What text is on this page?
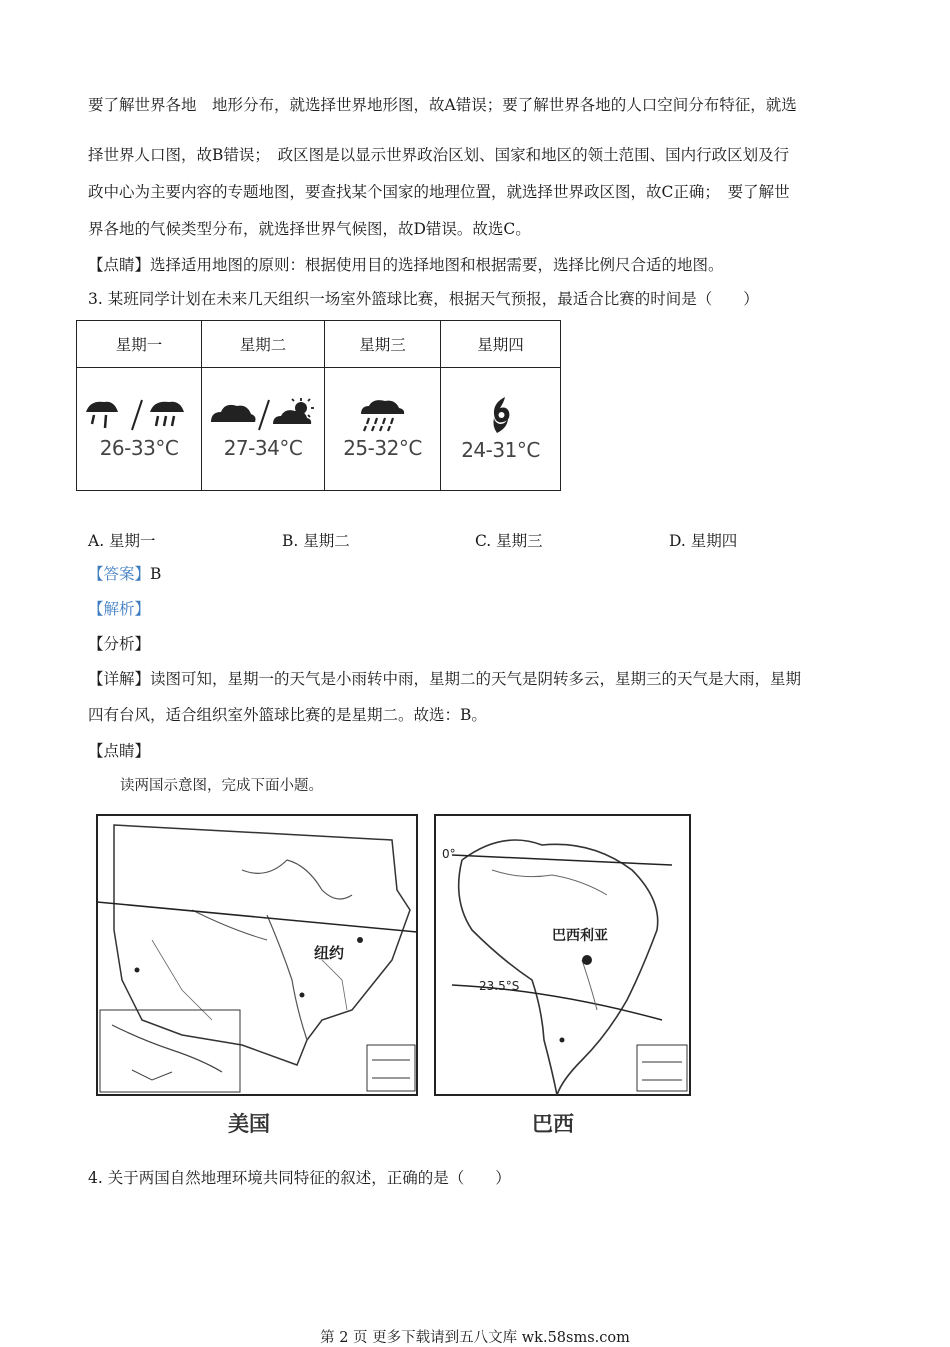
要了解世界各地　地形分布，就选择世界地形图，故A错误；要了解世界各地的人口空间分布特征，就选
择世界人口图，故B错误；　政区图是以显示世界政治区划、国家和地区的领土范围、国内行政区划及行
政中心为主要内容的专题地图，要查找某个国家的地理位置，就选择世界政区图，故C正确；　要了解世
界各地的气候类型分布，就选择世界气候图，故D错误。故选C。
【点睛】选择适用地图的原则：根据使用目的选择地图和根据需要，选择比例尺合适的地图。
3. 某班同学计划在未来几天组织一场室外篮球比赛，根据天气预报，最适合比赛的时间是（　　）
星期一	星期二	星期三	星期四

26-33°C	27-34°C	25-32°C	24-31°C
A. 星期一	B. 星期二	C. 星期三	D. 星期四
【答案】B
【解析】
【分析】
【详解】读图可知，星期一的天气是小雨转中雨，星期二的天气是阴转多云，星期三的天气是大雨，星期
四有台风，适合组织室外篮球比赛的是星期二。故选：B。
【点睛】
读两国示意图，完成下面小题。
纽约
0°
23.5°S
巴西利亚
美国	巴西
4. 关于两国自然地理环境共同特征的叙述，正确的是（　　）
第 2 页 更多下载请到五八文库 wk.58sms.com
